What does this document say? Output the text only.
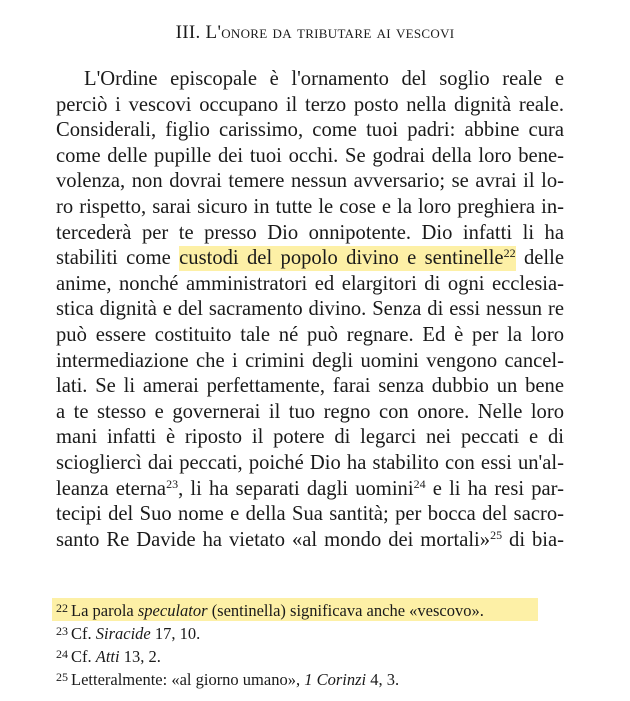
III. L'onore da tributare ai vescovi
L'Ordine episcopale è l'ornamento del soglio reale e
perciò i vescovi occupano il terzo posto nella dignità reale.
Considerali, figlio carissimo, come tuoi padri: abbine cura
come delle pupille dei tuoi occhi. Se godrai della loro bene-
volenza, non dovrai temere nessun avversario; se avrai il lo-
ro rispetto, sarai sicuro in tutte le cose e la loro preghiera in-
tercederà per te presso Dio onnipotente. Dio infatti li ha
stabiliti come custodi del popolo divino e sentinelle$^{22}$ delle
anime, nonché amministratori ed elargitori di ogni ecclesia-
stica dignità e del sacramento divino. Senza di essi nessun re
può essere costituito tale né può regnare. Ed è per la loro
intermediazione che i crimini degli uomini vengono cancel-
lati. Se li amerai perfettamente, farai senza dubbio un bene
a te stesso e governerai il tuo regno con onore. Nelle loro
mani infatti è riposto il potere di legarci nei peccati e di
sciogliercì dai peccati, poiché Dio ha stabilito con essi un'al-
leanza eterna$^{23}$, li ha separati dagli uomini$^{24}$ e li ha resi par-
tecipi del Suo nome e della Sua santità; per bocca del sacro-
santo Re Davide ha vietato «al mondo dei mortali»$^{25}$ di bia-
$^{22}$ La parola speculator (sentinella) significava anche «vescovo».
$^{23}$ Cf. Siracide 17, 10.
$^{24}$ Cf. Atti 13, 2.
$^{25}$ Letteralmente: «al giorno umano», 1 Corinzi 4, 3.
